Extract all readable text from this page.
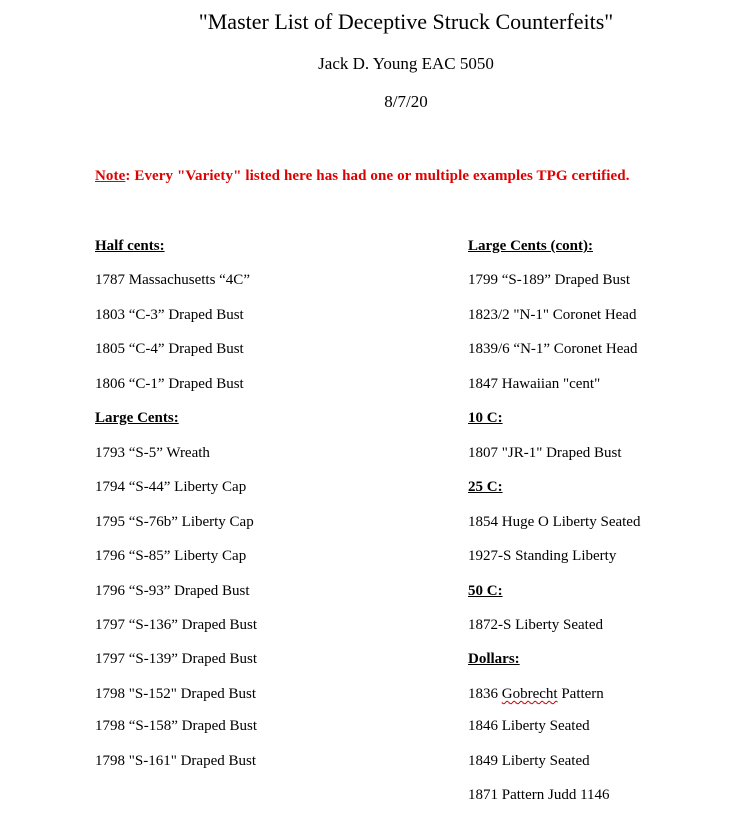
"Master List of Deceptive Struck Counterfeits"
Jack D. Young EAC 5050
8/7/20
Note: Every "Variety" listed here has had one or multiple examples TPG certified.
Half cents:
1787 Massachusetts “4C”
1803 “C-3” Draped Bust
1805 “C-4” Draped Bust
1806 “C-1” Draped Bust
Large Cents:
1793 “S-5” Wreath
1794 “S-44” Liberty Cap
1795 “S-76b” Liberty Cap
1796 “S-85” Liberty Cap
1796 “S-93” Draped Bust
1797 “S-136” Draped Bust
1797 “S-139” Draped Bust
1798 "S-152" Draped Bust
1798 “S-158” Draped Bust
1798 "S-161" Draped Bust
Large Cents (cont):
1799 “S-189” Draped Bust
1823/2 "N-1" Coronet Head
1839/6 “N-1” Coronet Head
1847 Hawaiian "cent"
10 C:
1807 "JR-1" Draped Bust
25 C:
1854 Huge O Liberty Seated
1927-S Standing Liberty
50 C:
1872-S Liberty Seated
Dollars:
1836 Gobrecht Pattern
1846 Liberty Seated
1849 Liberty Seated
1871 Pattern Judd 1146
